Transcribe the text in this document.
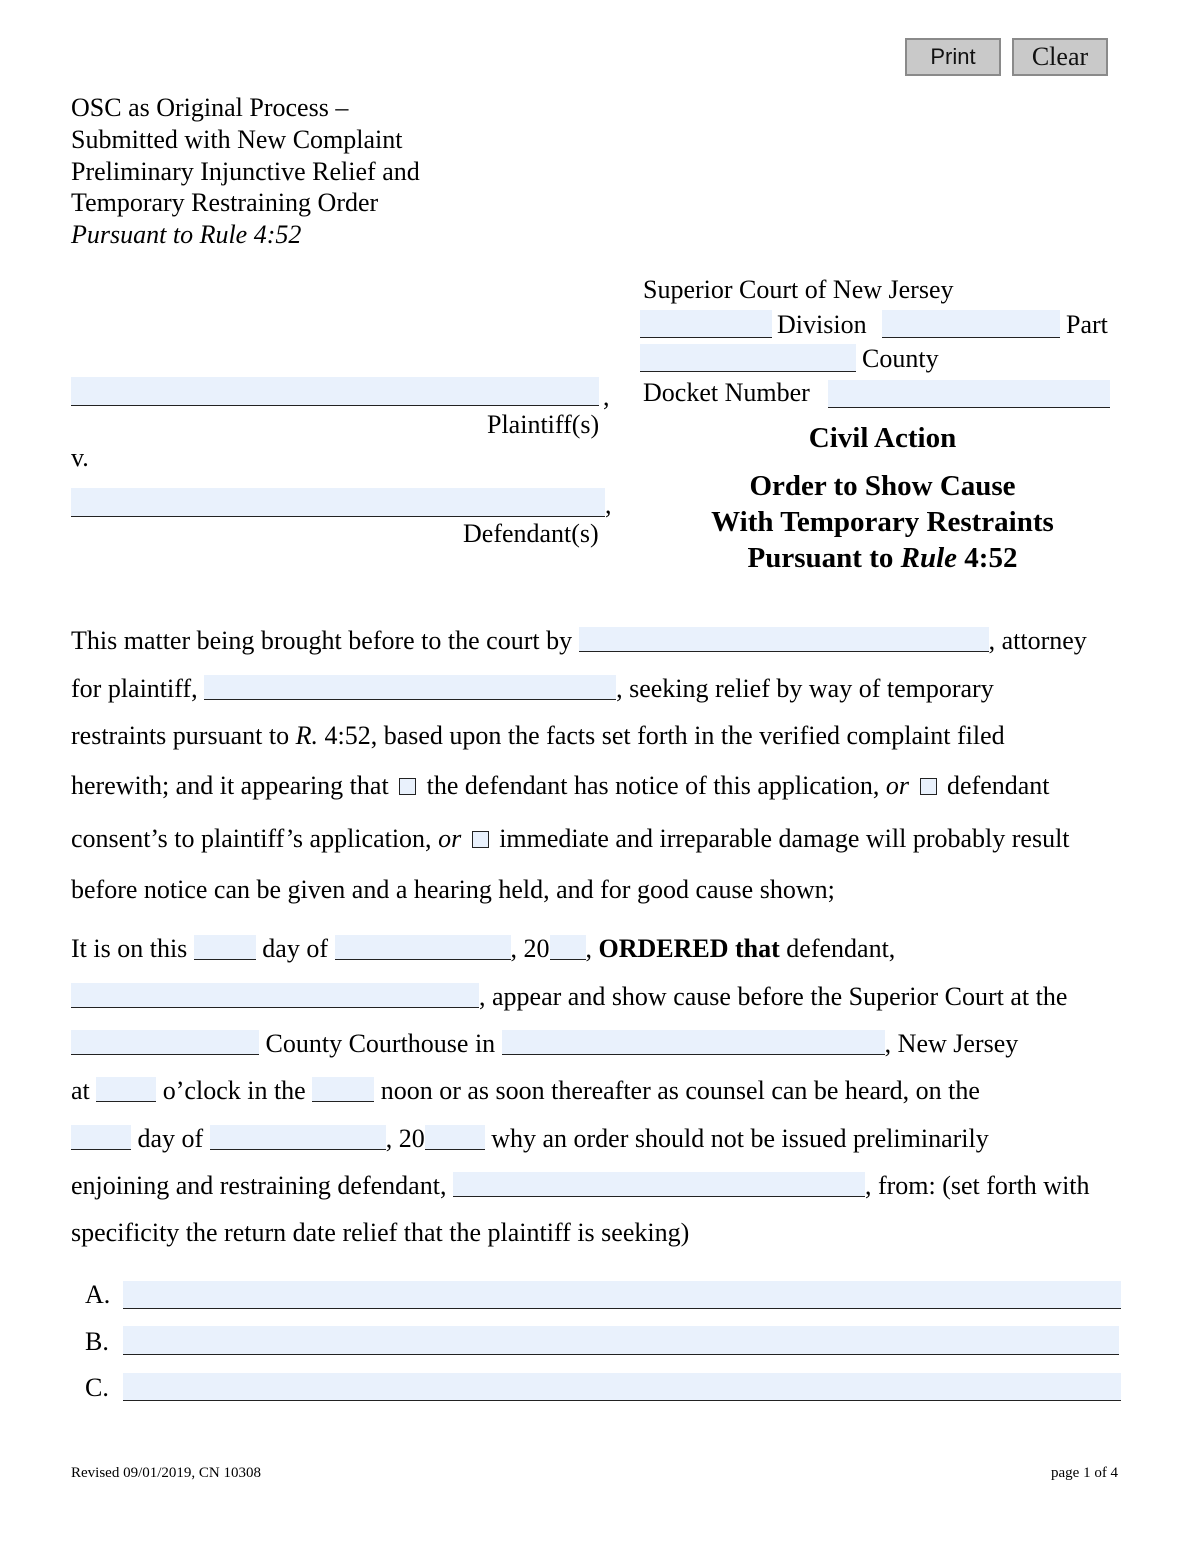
Print	Clear
OSC as Original Process –
Submitted with New Complaint
Preliminary Injunctive Relief and
Temporary Restraining Order
Pursuant to Rule 4:52
Superior Court of New Jersey
Division	Part
County
Docket Number
,
Plaintiff(s)
v.
,
Defendant(s)
Civil Action
Order to Show Cause
With Temporary Restraints
Pursuant to Rule 4:52
This matter being brought before to the court by	, attorney
for plaintiff,	, seeking relief by way of temporary
restraints pursuant to R. 4:52, based upon the facts set forth in the verified complaint filed
herewith; and it appearing that  the defendant has notice of this application, or  defendant
consent’s to plaintiff’s application, or  immediate and irreparable damage will probably result
before notice can be given and a hearing held, and for good cause shown;
It is on this  day of	, 20 , ORDERED that defendant,
, appear and show cause before the Superior Court at the
County Courthouse in	, New Jersey
at  o’clock in the  noon or as soon thereafter as counsel can be heard, on the
day of	, 20 why an order should not be issued preliminarily
enjoining and restraining defendant,	, from: (set forth with
specificity the return date relief that the plaintiff is seeking)
A.
B.
C.
Revised 09/01/2019, CN 10308	page 1 of 4
